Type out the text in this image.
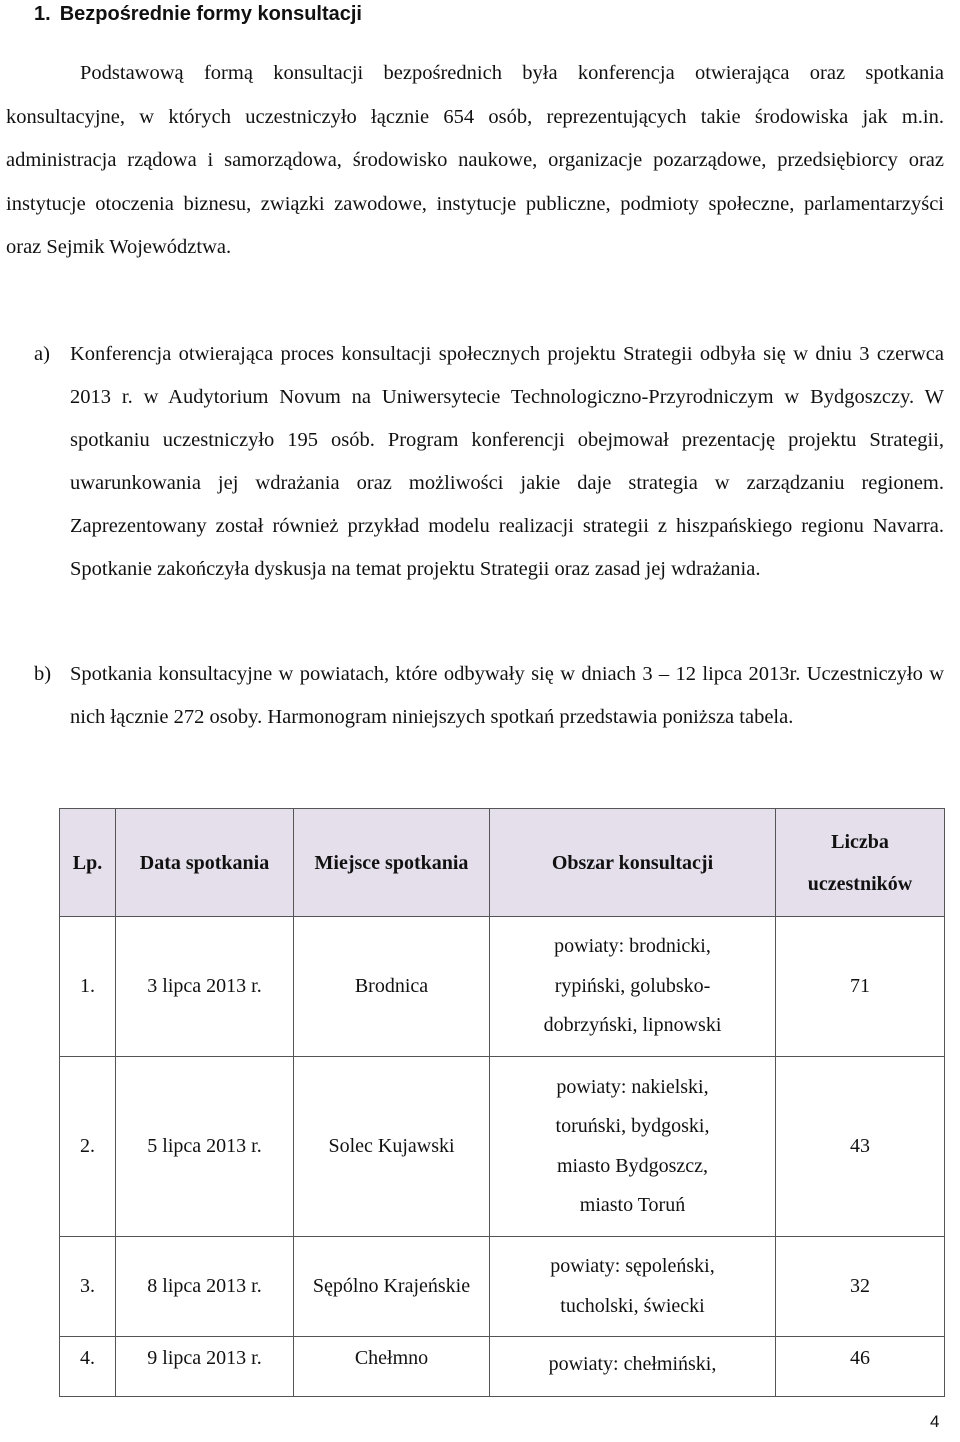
1. Bezpośrednie formy konsultacji

Podstawową formą konsultacji bezpośrednich była konferencja otwierająca oraz spotkania konsultacyjne, w których uczestniczyło łącznie 654 osób, reprezentujących takie środowiska jak m.in. administracja rządowa i samorządowa, środowisko naukowe, organizacje pozarządowe, przedsiębiorcy oraz instytucje otoczenia biznesu, związki zawodowe, instytucje publiczne, podmioty społeczne, parlamentarzyści oraz Sejmik Województwa.

a) Konferencja otwierająca proces konsultacji społecznych projektu Strategii odbyła się w dniu 3 czerwca 2013 r. w Audytorium Novum na Uniwersytecie Technologiczno-Przyrodniczym w Bydgoszczy. W spotkaniu uczestniczyło 195 osób. Program konferencji obejmował prezentację projektu Strategii, uwarunkowania jej wdrażania oraz możliwości jakie daje strategia w zarządzaniu regionem. Zaprezentowany został również przykład modelu realizacji strategii z hiszpańskiego regionu Navarra. Spotkanie zakończyła dyskusja na temat projektu Strategii oraz zasad jej wdrażania.

b) Spotkania konsultacyjne w powiatach, które odbywały się w dniach 3 – 12 lipca 2013r. Uczestniczyło w nich łącznie 272 osoby. Harmonogram niniejszych spotkań przedstawia poniższa tabela.

Lp.	Data spotkania	Miejsce spotkania	Obszar konsultacji	Liczba
uczestników
1.	3 lipca 2013 r.	Brodnica	powiaty: brodnicki,
rypiński, golubsko-
dobrzyński, lipnowski	71
2.	5 lipca 2013 r.	Solec Kujawski	powiaty: nakielski,
toruński, bydgoski,
miasto Bydgoszcz,
miasto Toruń	43
3.	8 lipca 2013 r.	Sępólno Krajeńskie	powiaty: sępoleński,
tucholski, świecki	32
4.	9 lipca 2013 r.	Chełmno	powiaty: chełmiński,	46
4
